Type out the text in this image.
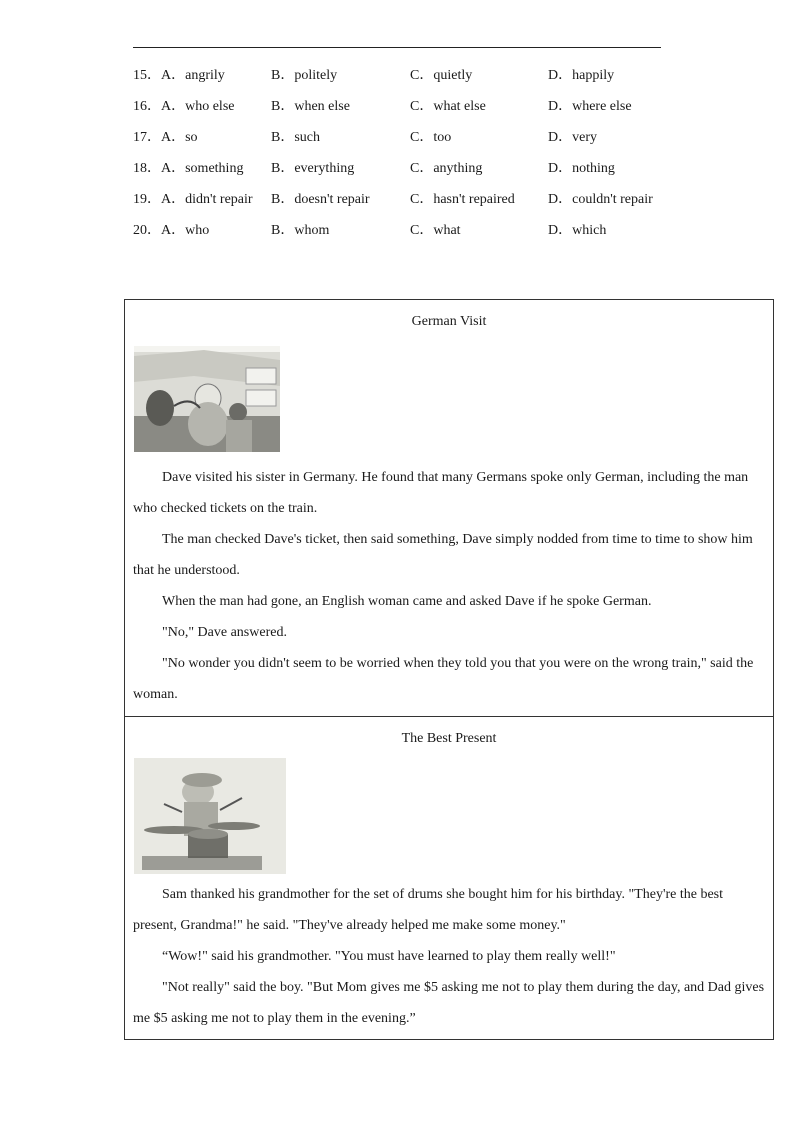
15． A．angrily	B．politely	C．quietly	D．happily
16． A．who else	B．when else	C．what else	D．where else
17． A．so	B．such	C．too	D．very
18． A．something B．everything	C．anything	D．nothing
19． A．didn't repair B．doesn't repair	C．hasn't repaired D．couldn't repair
20． A．who	B．whom	C．what	D．which
German Visit

Dave visited his sister in Germany. He found that many Germans spoke only German, including the man who checked tickets on the train.

The man checked Dave's ticket, then said something, Dave simply nodded from time to time to show him that he understood.

When the man had gone, an English woman came and asked Dave if he spoke German.

"No," Dave answered.

"No wonder you didn't seem to be worried when they told you that you were on the wrong train," said the woman.

The Best Present

Sam thanked his grandmother for the set of drums she bought him for his birthday. "They're the best present, Grandma!" he said. "They've already helped me make some money."

“Wow!" said his grandmother. "You must have learned to play them really well!"

"Not really" said the boy. "But Mom gives me $5 asking me not to play them during the day, and Dad gives me $5 asking me not to play them in the evening.”
